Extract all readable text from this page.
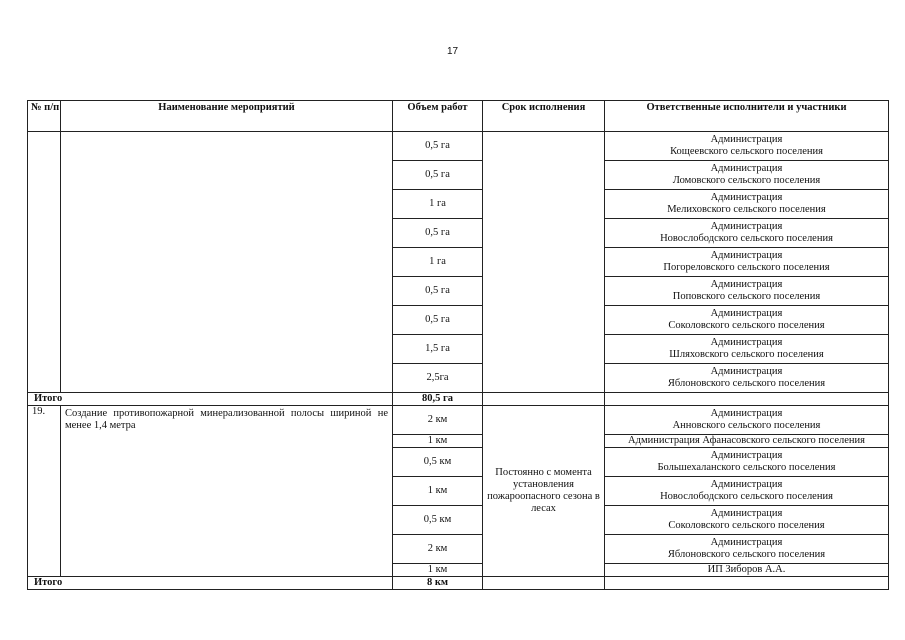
17
№ п/п	Наименование мероприятий	Объем работ	Срок исполнения	Ответственные исполнители и участники
		0,5 га		Администрация
Кощеевского сельского поселения
		0,5 га		Администрация
Ломовского сельского поселения
		1 га		Администрация
Мелиховского сельского поселения
		0,5 га		Администрация
Новослободского сельского поселения
		1 га		Администрация
Погореловского сельского поселения
		0,5 га		Администрация
Поповского сельского поселения
		0,5 га		Администрация
Соколовского сельского поселения
		1,5 га		Администрация
Шляховского сельского поселения
		2,5га		Администрация
Яблоновского сельского поселения
Итого		80,5 га		
19.	Создание противопожарной минерализованной полосы шириной не менее 1,4 метра	2 км	Постоянно с момента установления пожароопасного сезона в лесах	Администрация
Анновского сельского поселения
		1 км		Администрация Афанасовского сельского поселения
		0,5 км		Администрация
Большехаланского сельского поселения
		1 км		Администрация
Новослободского сельского поселения
		0,5 км		Администрация
Соколовского сельского поселения
		2 км		Администрация
Яблоновского сельского поселения
		1 км		ИП Зиборов А.А.
Итого		8 км		
